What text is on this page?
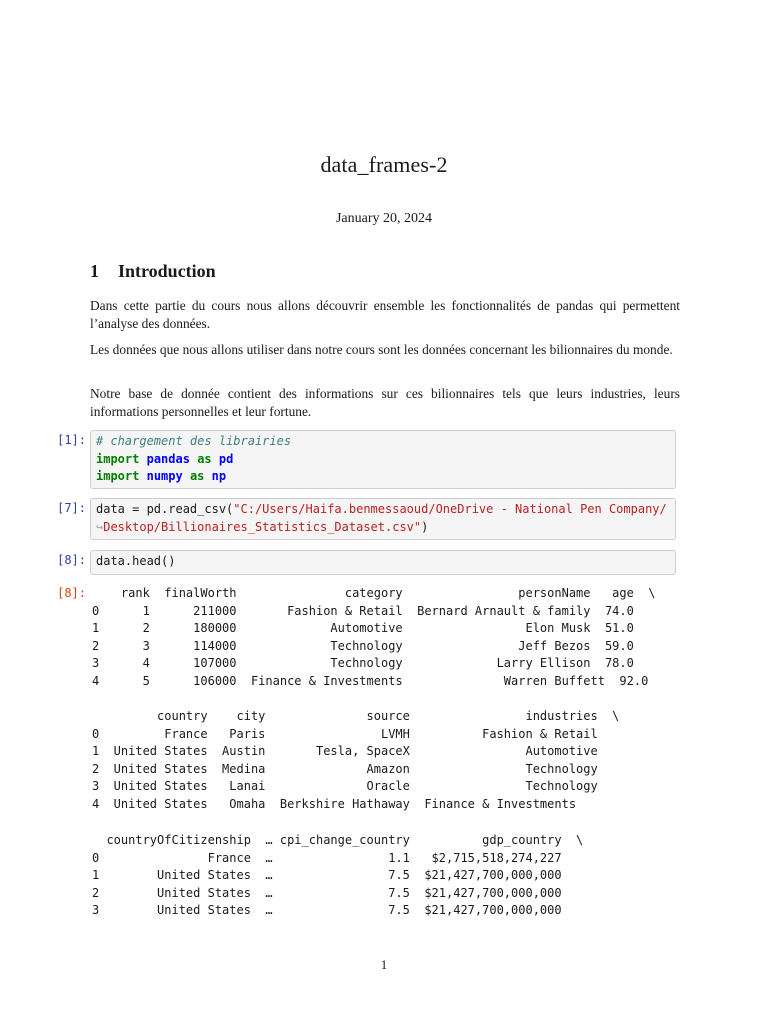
data_frames-2
January 20, 2024
1 Introduction
Dans cette partie du cours nous allons découvrir ensemble les fonctionnalités de pandas qui permettent l’analyse des données.
Les données que nous allons utiliser dans notre cours sont les données concernant les bilionnaires du monde.
Notre base de donnée contient des informations sur ces bilionnaires tels que leurs industries, leurs informations personnelles et leur fortune.
[1]: # chargement des librairies
import pandas as pd
import numpy as np
[7]: data = pd.read_csv("C:/Users/Haifa.benmessaoud/OneDrive - National Pen Company/
↪Desktop/Billionaires_Statistics_Dataset.csv")
[8]: data.head()
[8]: rank  finalWorth               category                personName   age  \
0      1      211000       Fashion & Retail  Bernard Arnault & family  74.0
1      2      180000             Automotive                 Elon Musk  51.0
2      3      114000             Technology                Jeff Bezos  59.0
3      4      107000             Technology             Larry Ellison  78.0
4      5      106000  Finance & Investments              Warren Buffett  92.0
country    city              source                industries  \
0         France   Paris                LVMH          Fashion & Retail
1  United States  Austin       Tesla, SpaceX                Automotive
2  United States  Medina              Amazon                Technology
3  United States   Lanai              Oracle                Technology
4  United States   Omaha  Berkshire Hathaway  Finance & Investments
countryOfCitizenship  … cpi_change_country          gdp_country  \
0               France  …                1.1   $2,715,518,274,227
1        United States  …                7.5  $21,427,700,000,000
2        United States  …                7.5  $21,427,700,000,000
3        United States  …                7.5  $21,427,700,000,000
1
